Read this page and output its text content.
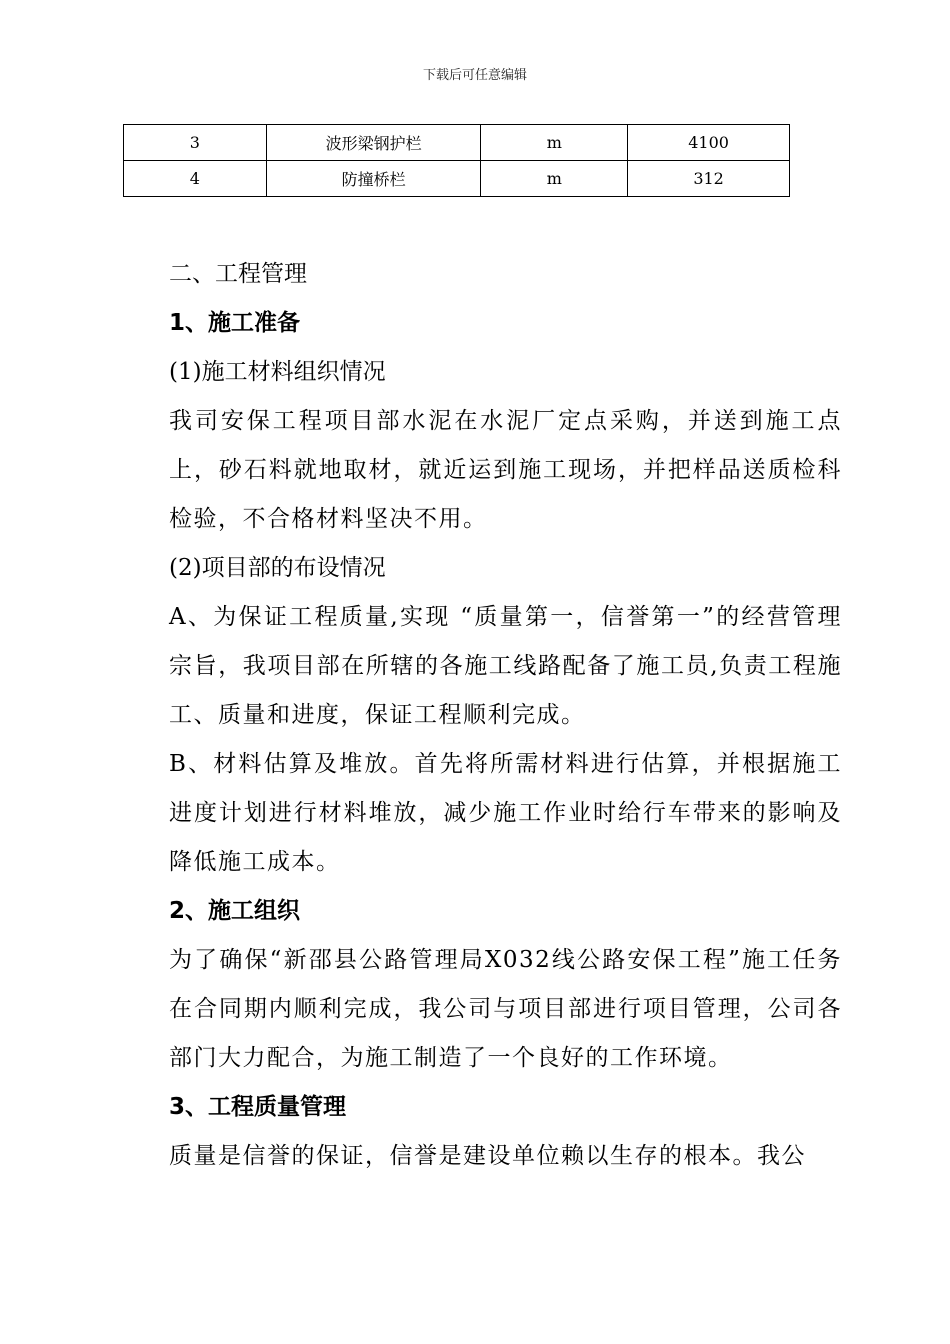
下载后可任意编辑
3	波形梁钢护栏	m	4100
4	防撞桥栏	m	312

二、工程管理

1、施工准备

(1)施工材料组织情况

我司安保工程项目部水泥在水泥厂定点采购，并送到施工点上，砂石料就地取材，就近运到施工现场，并把样品送质检科检验，不合格材料坚决不用。

(2)项目部的布设情况

A、为保证工程质量,实现 “质量第一，信誉第一”的经营管理宗旨，我项目部在所辖的各施工线路配备了施工员,负责工程施工、质量和进度，保证工程顺利完成。

B、材料估算及堆放。首先将所需材料进行估算，并根据施工进度计划进行材料堆放，减少施工作业时给行车带来的影响及降低施工成本。

2、施工组织

为了确保“新邵县公路管理局X032线公路安保工程”施工任务在合同期内顺利完成，我公司与项目部进行项目管理，公司各部门大力配合，为施工制造了一个良好的工作环境。

3、工程质量管理

质量是信誉的保证，信誉是建设单位赖以生存的根本。我公
